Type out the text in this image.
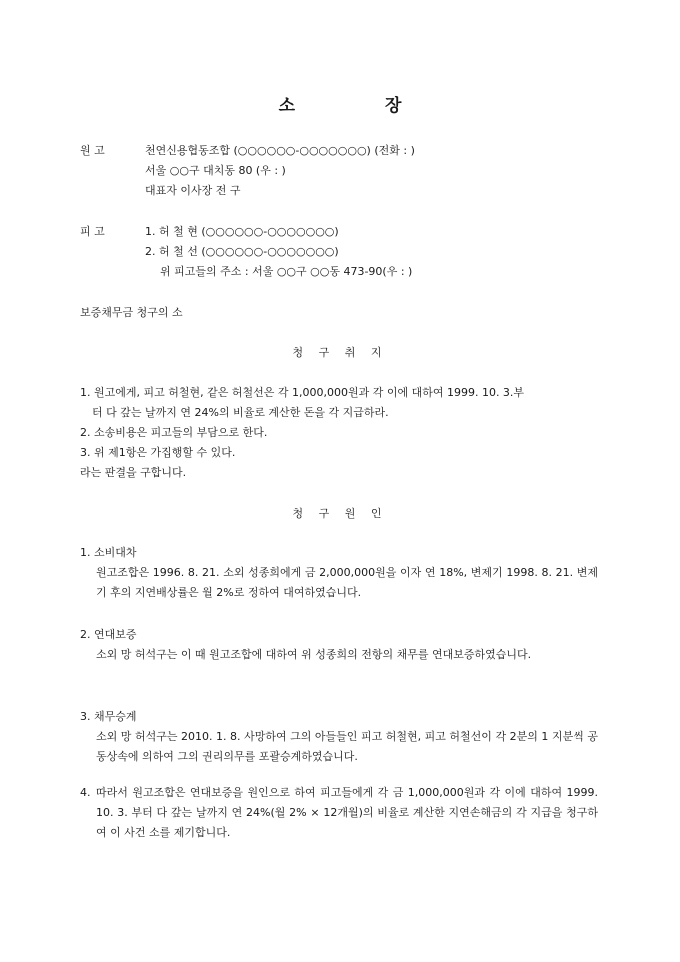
소	장
원 고	천연신용협동조합 (○○○○○○-○○○○○○○) (전화 : )
서울 ○○구 대치동 80 (우 : )
대표자 이사장 전 구
피 고	1. 허 철 현 (○○○○○○-○○○○○○○)
2. 허 철 선 (○○○○○○-○○○○○○○)
위 피고들의 주소 : 서울 ○○구 ○○동 473-90(우 : )
보증채무금 청구의 소
청 구 취 지
1. 원고에게, 피고 허철현, 같은 허철선은 각 1,000,000원과 각 이에 대하여 1999. 10. 3.부
터 다 갚는 날까지 연 24%의 비율로 계산한 돈을 각 지급하라.
2. 소송비용은 피고들의 부담으로 한다.
3. 위 제1항은 가집행할 수 있다.
라는 판결을 구합니다.
청 구 원 인
1. 소비대차
원고조합은 1996. 8. 21. 소외 성종희에게 금 2,000,000원을 이자 연 18%, 변제기 1998. 8. 21. 변제기 후의 지연배상률은 월 2%로 정하여 대여하였습니다.
2. 연대보증
소외 망 허석구는 이 때 원고조합에 대하여 위 성종희의 전항의 채무를 연대보증하였습니다.
3. 채무승계
소외 망 허석구는 2010. 1. 8. 사망하여 그의 아들들인 피고 허철현, 피고 허철선이 각 2분의 1 지분씩 공동상속에 의하여 그의 권리의무를 포괄승계하였습니다.
4. 따라서 원고조합은 연대보증을 원인으로 하여 피고들에게 각 금 1,000,000원과 각 이에 대하여 1999. 10. 3. 부터 다 갚는 날까지 연 24%(월 2% × 12개월)의 비율로 계산한 지연손해금의 각 지급을 청구하여 이 사건 소를 제기합니다.
